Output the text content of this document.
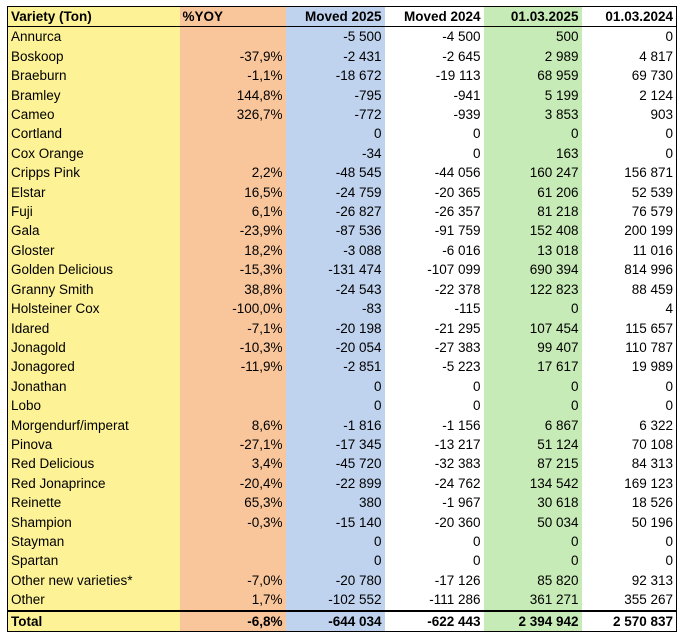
Variety (Ton)	%YOY	Moved 2025	Moved 2024	01.03.2025	01.03.2024
Annurca		-5 500	-4 500	500	0
Boskoop	-37,9%	-2 431	-2 645	2 989	4 817
Braeburn	-1,1%	-18 672	-19 113	68 959	69 730
Bramley	144,8%	-795	-941	5 199	2 124
Cameo	326,7%	-772	-939	3 853	903
Cortland		0	0	0	0
Cox Orange		-34	0	163	0
Cripps Pink	2,2%	-48 545	-44 056	160 247	156 871
Elstar	16,5%	-24 759	-20 365	61 206	52 539
Fuji	6,1%	-26 827	-26 357	81 218	76 579
Gala	-23,9%	-87 536	-91 759	152 408	200 199
Gloster	18,2%	-3 088	-6 016	13 018	11 016
Golden Delicious	-15,3%	-131 474	-107 099	690 394	814 996
Granny Smith	38,8%	-24 543	-22 378	122 823	88 459
Holsteiner Cox	-100,0%	-83	-115	0	4
Idared	-7,1%	-20 198	-21 295	107 454	115 657
Jonagold	-10,3%	-20 054	-27 383	99 407	110 787
Jonagored	-11,9%	-2 851	-5 223	17 617	19 989
Jonathan		0	0	0	0
Lobo		0	0	0	0
Morgendurf/imperat	8,6%	-1 816	-1 156	6 867	6 322
Pinova	-27,1%	-17 345	-13 217	51 124	70 108
Red Delicious	3,4%	-45 720	-32 383	87 215	84 313
Red Jonaprince	-20,4%	-22 899	-24 762	134 542	169 123
Reinette	65,3%	380	-1 967	30 618	18 526
Shampion	-0,3%	-15 140	-20 360	50 034	50 196
Stayman		0	0	0	0
Spartan		0	0	0	0
Other new varieties*	-7,0%	-20 780	-17 126	85 820	92 313
Other	1,7%	-102 552	-111 286	361 271	355 267
Total	-6,8%	-644 034	-622 443	2 394 942	2 570 837
